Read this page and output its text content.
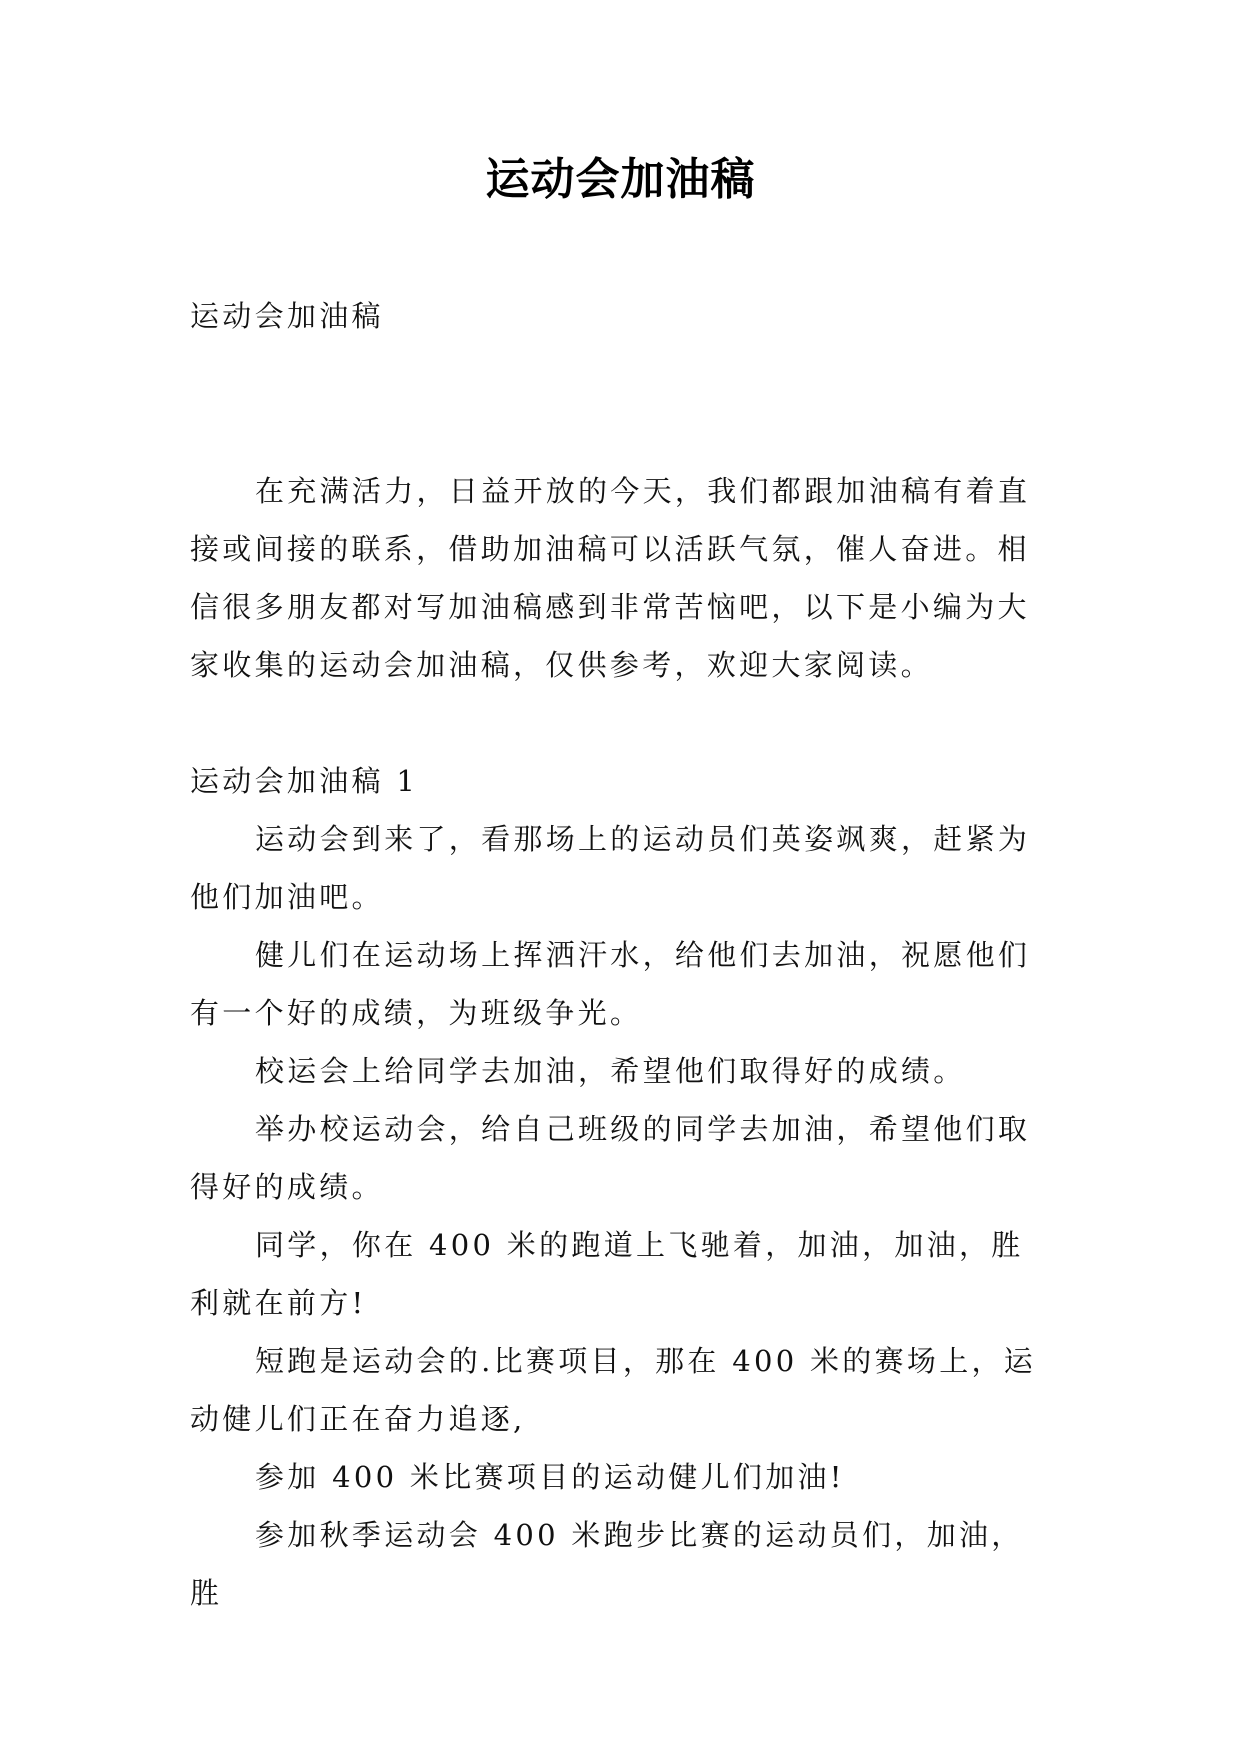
运动会加油稿

运动会加油稿

在充满活力，日益开放的今天，我们都跟加油稿有着直接或间接的联系，借助加油稿可以活跃气氛，催人奋进。相信很多朋友都对写加油稿感到非常苦恼吧，以下是小编为大家收集的运动会加油稿，仅供参考，欢迎大家阅读。

运动会加油稿 1

运动会到来了，看那场上的运动员们英姿飒爽，赶紧为他们加油吧。

健儿们在运动场上挥洒汗水，给他们去加油，祝愿他们有一个好的成绩，为班级争光。

校运会上给同学去加油，希望他们取得好的成绩。

举办校运动会，给自己班级的同学去加油，希望他们取得好的成绩。

同学，你在 400 米的跑道上飞驰着，加油，加油，胜利就在前方!

短跑是运动会的.比赛项目，那在 400 米的赛场上，运动健儿们正在奋力追逐,

参加 400 米比赛项目的运动健儿们加油!

参加秋季运动会 400 米跑步比赛的运动员们，加油，胜
